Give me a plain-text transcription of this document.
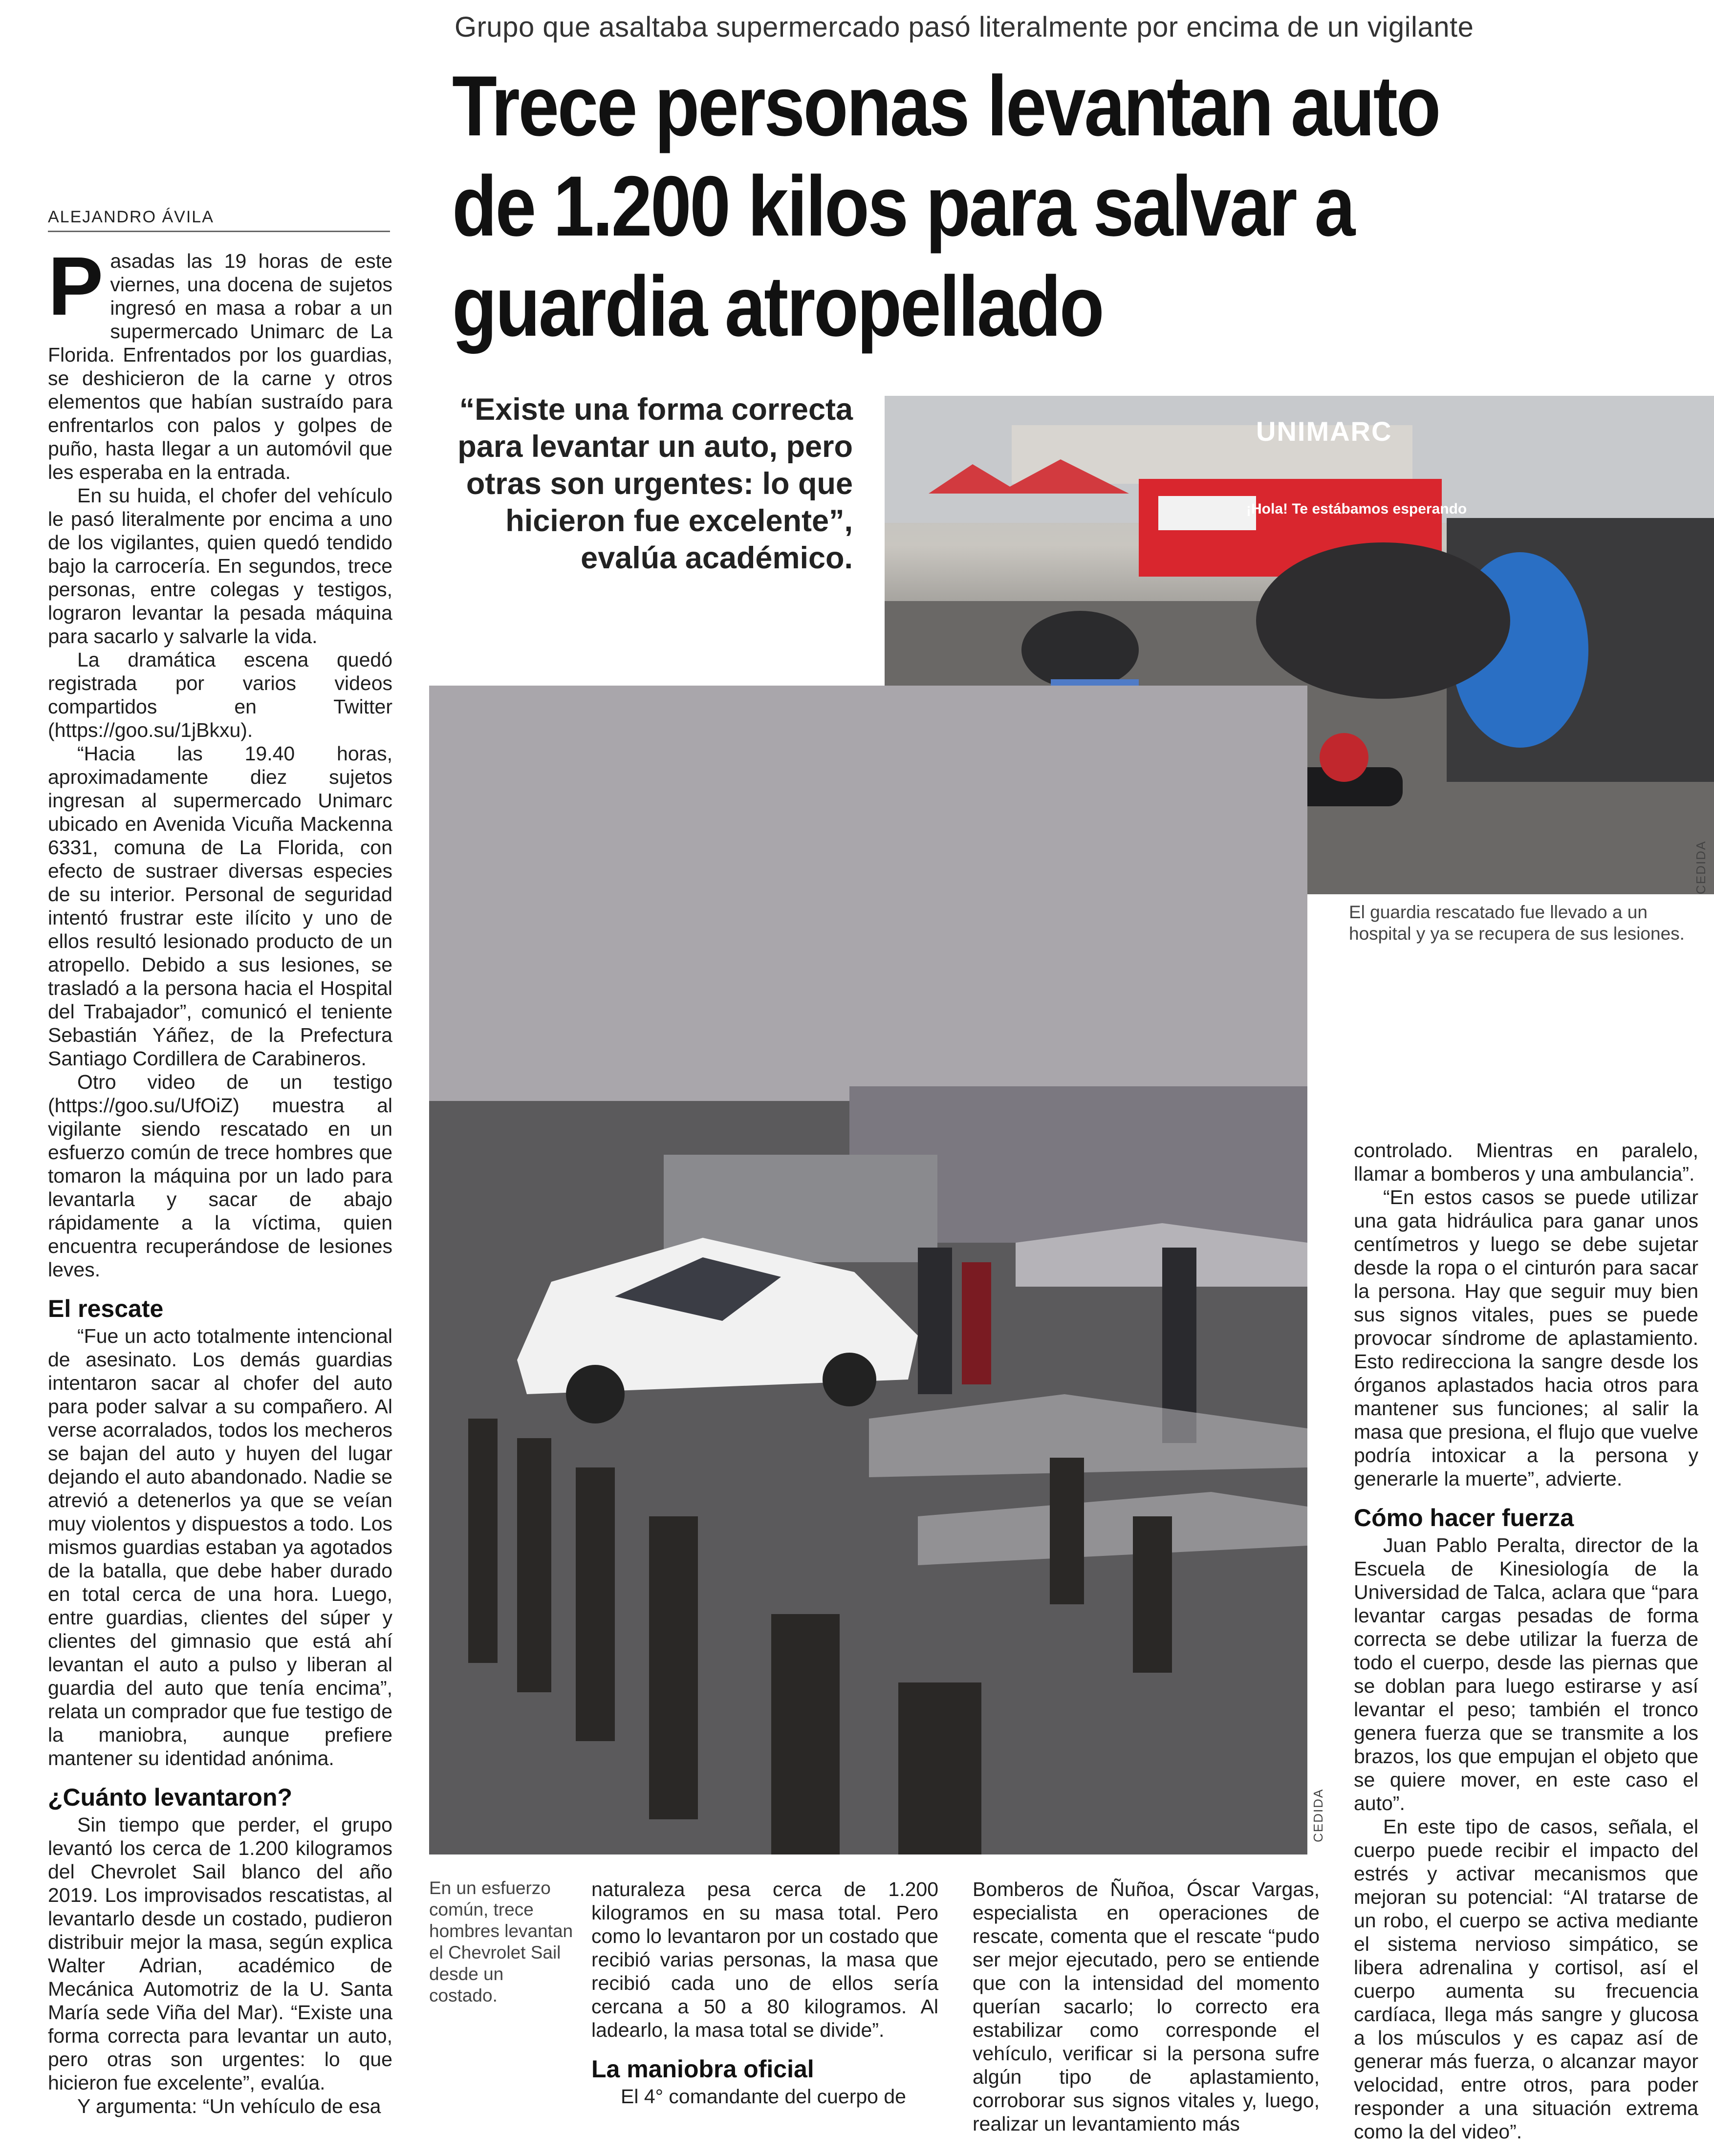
Grupo que asaltaba supermercado pasó literalmente por encima de un vigilante
Trece personas levantan auto de 1.200 kilos para salvar a guardia atropellado
ALEJANDRO ÁVILA

Pasadas las 19 horas de este viernes, una docena de sujetos ingresó en masa a robar a un supermercado Unimarc de La Florida. Enfrentados por los guardias, se deshicieron de la carne y otros elementos que habían sustraído para enfrentarlos con palos y golpes de puño, hasta llegar a un automóvil que les esperaba en la entrada.

En su huida, el chofer del vehículo le pasó literalmente por encima a uno de los vigilantes, quien quedó tendido bajo la carrocería. En segundos, trece personas, entre colegas y testigos, lograron levantar la pesada máquina para sacarlo y salvarle la vida.

La dramática escena quedó registrada por varios videos compartidos en Twitter (https://goo.su/1jBkxu).

“Hacia las 19.40 horas, aproximadamente diez sujetos ingresan al supermercado Unimarc ubicado en Avenida Vicuña Mackenna 6331, comuna de La Florida, con efecto de sustraer diversas especies de su interior. Personal de seguridad intentó frustrar este ilícito y uno de ellos resultó lesionado producto de un atropello. Debido a sus lesiones, se trasladó a la persona hacia el Hospital del Trabajador”, comunicó el teniente Sebastián Yáñez, de la Prefectura Santiago Cordillera de Carabineros.

Otro video de un testigo (https://goo.su/UfOiZ) muestra al vigilante siendo rescatado en un esfuerzo común de trece hombres que tomaron la máquina por un lado para levantarla y sacar de abajo rápidamente a la víctima, quien encuentra recuperándose de lesiones leves.

El rescate

“Fue un acto totalmente intencional de asesinato. Los demás guardias intentaron sacar al chofer del auto para poder salvar a su compañero. Al verse acorralados, todos los mecheros se bajan del auto y huyen del lugar dejando el auto abandonado. Nadie se atrevió a detenerlos ya que se veían muy violentos y dispuestos a todo. Los mismos guardias estaban ya agotados de la batalla, que debe haber durado en total cerca de una hora. Luego, entre guardias, clientes del súper y clientes del gimnasio que está ahí levantan el auto a pulso y liberan al guardia del auto que tenía encima”, relata un comprador que fue testigo de la maniobra, aunque prefiere mantener su identidad anónima.

¿Cuánto levantaron?

Sin tiempo que perder, el grupo levantó los cerca de 1.200 kilogramos del Chevrolet Sail blanco del año 2019. Los improvisados rescatistas, al levantarlo desde un costado, pudieron distribuir mejor la masa, según explica Walter Adrian, académico de Mecánica Automotriz de la U. Santa María sede Viña del Mar). “Existe una forma correcta para levantar un auto, pero otras son urgentes: lo que hicieron fue excelente”, evalúa.

Y argumenta: “Un vehículo de esa

“Existe una forma correcta para levantar un auto, pero otras son urgentes: lo que hicieron fue excelente”, evalúa académico.
UNIMARC
¡Hola! Te estábamos esperando
CEDIDA
El guardia rescatado fue llevado a un hospital y ya se recupera de sus lesiones.
CEDIDA
En un esfuerzo común, trece hombres levantan el Chevrolet Sail desde un costado.

naturaleza pesa cerca de 1.200 kilogramos en su masa total. Pero como lo levantaron por un costado que recibió varias personas, la masa que recibió cada uno de ellos sería cercana a 50 a 80 kilogramos. Al ladearlo, la masa total se divide”.

La maniobra oficial

El 4° comandante del cuerpo de

Bomberos de Ñuñoa, Óscar Vargas, especialista en operaciones de rescate, comenta que el rescate “pudo ser mejor ejecutado, pero se entiende que con la intensidad del momento querían sacarlo; lo correcto era estabilizar como corresponde el vehículo, verificar si la persona sufre algún tipo de aplastamiento, corroborar sus signos vitales y, luego, realizar un levantamiento más

controlado. Mientras en paralelo, llamar a bomberos y una ambulancia”.

“En estos casos se puede utilizar una gata hidráulica para ganar unos centímetros y luego se debe sujetar desde la ropa o el cinturón para sacar la persona. Hay que seguir muy bien sus signos vitales, pues se puede provocar síndrome de aplastamiento. Esto redirecciona la sangre desde los órganos aplastados hacia otros para mantener sus funciones; al salir la masa que presiona, el flujo que vuelve podría intoxicar a la persona y generarle la muerte”, advierte.

Cómo hacer fuerza

Juan Pablo Peralta, director de la Escuela de Kinesiología de la Universidad de Talca, aclara que “para levantar cargas pesadas de forma correcta se debe utilizar la fuerza de todo el cuerpo, desde las piernas que se doblan para luego estirarse y así levantar el peso; también el tronco genera fuerza que se transmite a los brazos, los que empujan el objeto que se quiere mover, en este caso el auto”.

En este tipo de casos, señala, el cuerpo puede recibir el impacto del estrés y activar mecanismos que mejoran su potencial: “Al tratarse de un robo, el cuerpo se activa mediante el sistema nervioso simpático, se libera adrenalina y cortisol, así el cuerpo aumenta su frecuencia cardíaca, llega más sangre y glucosa a los músculos y es capaz así de generar más fuerza, o alcanzar mayor velocidad, entre otros, para poder responder a una situación extrema como la del video”.
